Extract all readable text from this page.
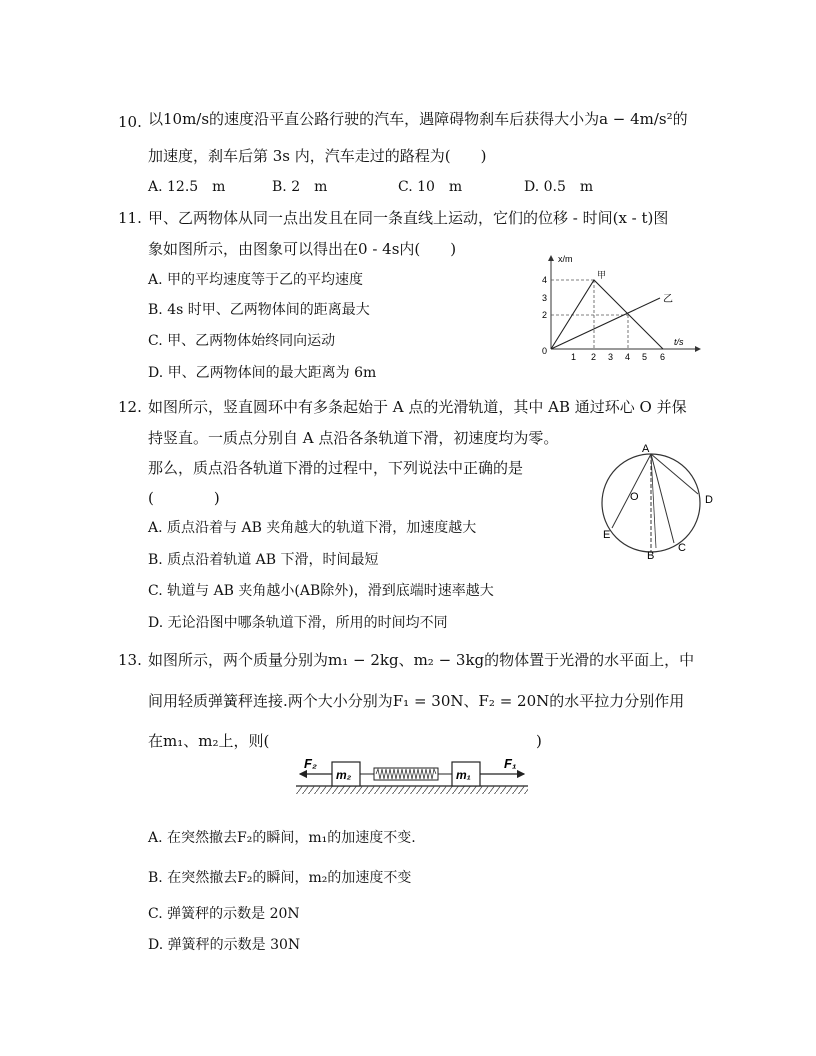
10. 以10m/s的速度沿平直公路行驶的汽车，遇障碍物刹车后获得大小为a − 4m/s²的
加速度，刹车后第 3s 内，汽车走过的路程为(　　)
A. 12.5　m	B. 2　m	C. 10　m	D. 0.5　m
11. 甲、乙两物体从同一点出发且在同一条直线上运动，它们的位移 - 时间(x - t)图
象如图所示，由图象可以得出在0 - 4s内(　　)
A. 甲的平均速度等于乙的平均速度
B. 4s 时甲、乙两物体间的距离最大
C. 甲、乙两物体始终同向运动
D. 甲、乙两物体间的最大距离为 6m
x/m
t/s
0
4
3
2
1 2 3 4 5 6
甲
乙
12. 如图所示，竖直圆环中有多条起始于 A 点的光滑轨道，其中 AB 通过环心 O 并保
持竖直。一质点分别自 A 点沿各条轨道下滑，初速度均为零。
那么，质点沿各轨道下滑的过程中，下列说法中正确的是
(　　　　)
A. 质点沿着与 AB 夹角越大的轨道下滑，加速度越大
B. 质点沿着轨道 AB 下滑，时间最短
C. 轨道与 AB 夹角越小(AB除外)，滑到底端时速率越大
D. 无论沿图中哪条轨道下滑，所用的时间均不同
A
O
B
C
D
E
13. 如图所示，两个质量分别为m₁ − 2kg、m₂ − 3kg的物体置于光滑的水平面上，中
间用轻质弹簧秤连接.两个大小分别为F₁ = 30N、F₂ = 20N的水平拉力分别作用
在m₁、m₂上，则(	)
m₂	m₁
F₂	F₁
A. 在突然撤去F₂的瞬间，m₁的加速度不变.
B. 在突然撤去F₂的瞬间，m₂的加速度不变
C. 弹簧秤的示数是 20N
D. 弹簧秤的示数是 30N
